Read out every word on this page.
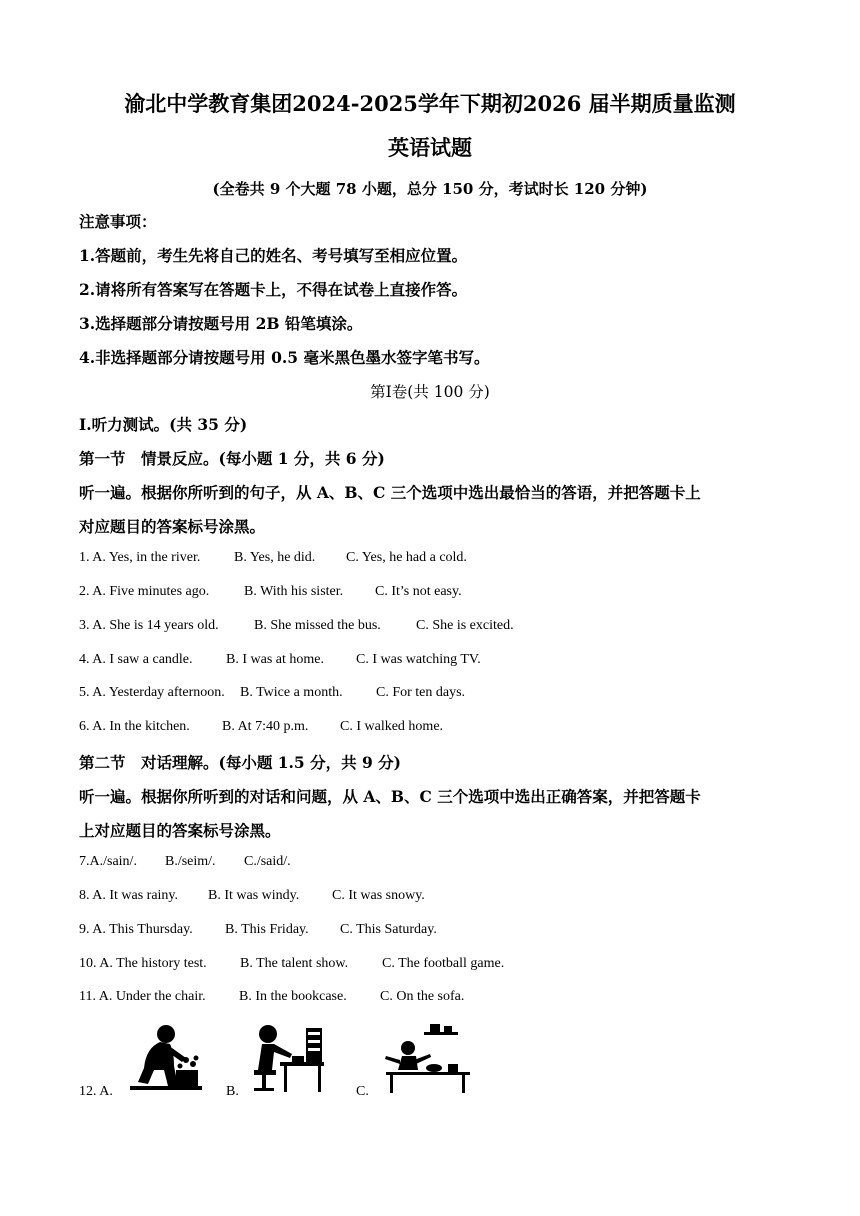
渝北中学教育集团2024-2025学年下期初2026 届半期质量监测
英语试题
(全卷共 9 个大题 78 小题，总分 150 分，考试时长 120 分钟)
注意事项：
1.答题前，考生先将自己的姓名、考号填写至相应位置。
2.请将所有答案写在答题卡上，不得在试卷上直接作答。
3.选择题部分请按题号用 2B 铅笔填涂。
4.非选择题部分请按题号用 0.5 毫米黑色墨水签字笔书写。
第Ⅰ卷(共 100 分)
Ⅰ.听力测试。(共 35 分)
第一节　情景反应。(每小题 1 分，共 6 分)
听一遍。根据你所听到的句子，从 A、B、C 三个选项中选出最恰当的答语，并把答题卡上
对应题目的答案标号涂黑。
1. A. Yes, in the river. B. Yes, he did. C. Yes, he had a cold.
2. A. Five minutes ago. B. With his sister. C. It’s not easy.
3. A. She is 14 years old.	B. She missed the bus.	C. She is excited.
4. A. I saw a candle. B. I was at home. C. I was watching TV.
5. A. Yesterday afternoon. B. Twice a month. C. For ten days.
6. A. In the kitchen. B. At 7:40 p.m. C. I walked home.
第二节　对话理解。(每小题 1.5 分，共 9 分)
听一遍。根据你所听到的对话和问题，从 A、B、C 三个选项中选出正确答案，并把答题卡
上对应题目的答案标号涂黑。
7.A./sain/. B./seim/. C./said/.
8. A. It was rainy. B. It was windy. C. It was snowy.
9. A. This Thursday. B. This Friday. C. This Saturday.
10. A. The history test. B. The talent show. C. The football game.
11. A. Under the chair. B. In the bookcase. C. On the sofa.
12. A.	B.	C.
